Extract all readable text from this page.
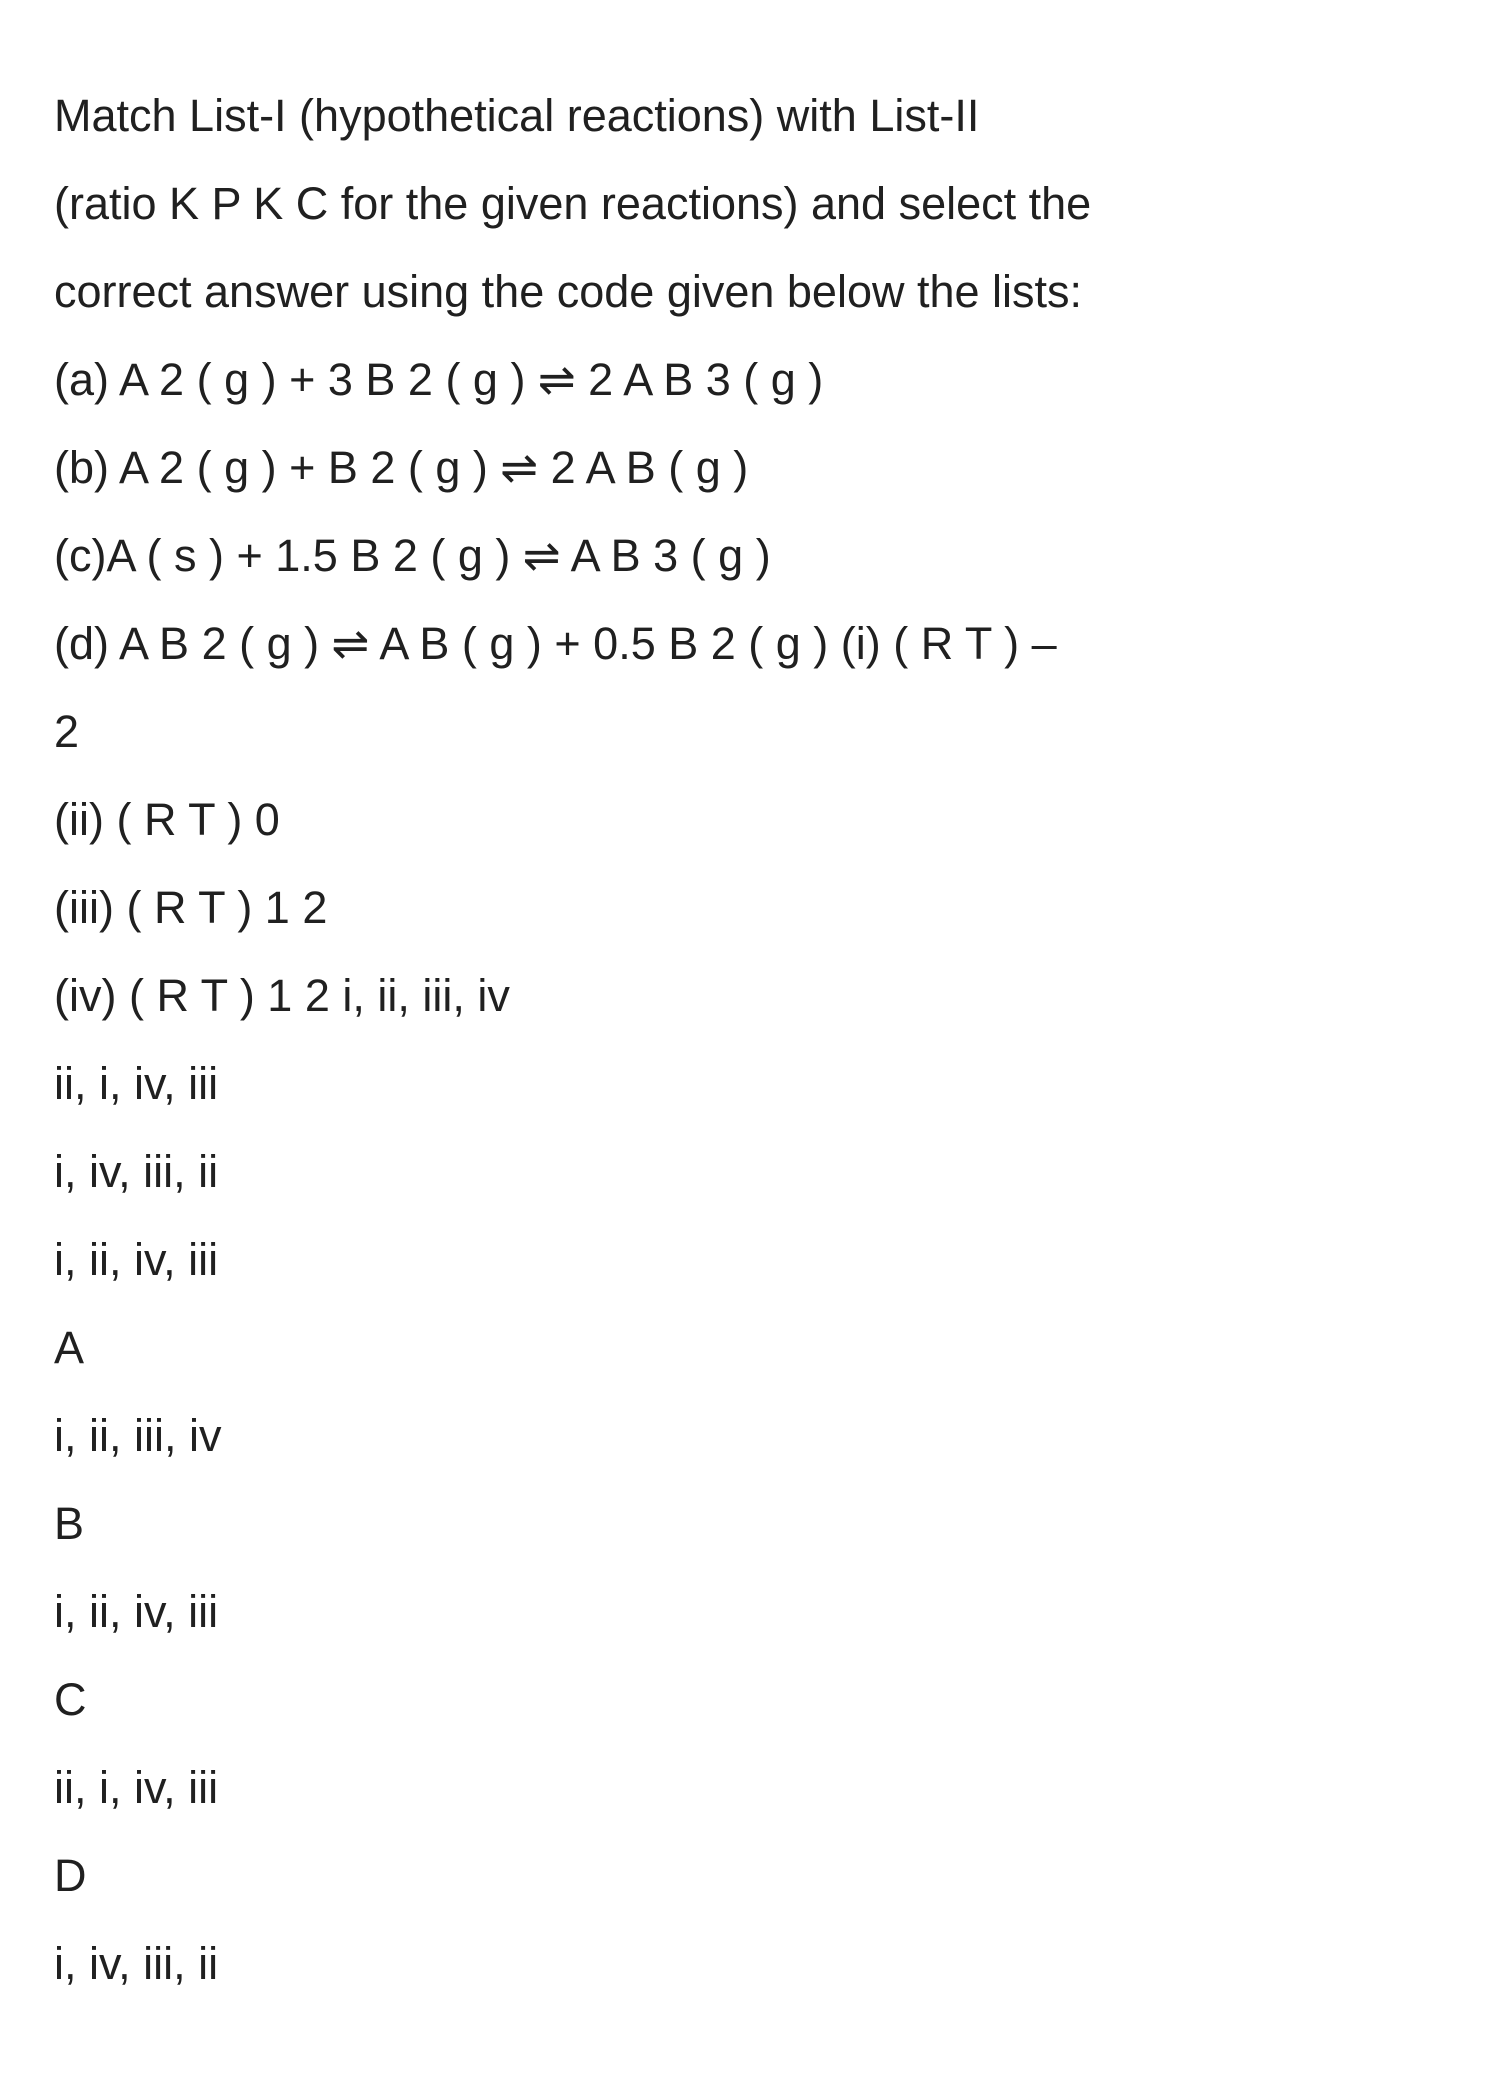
Match List-I (hypothetical reactions) with List-II
(ratio K P K C for the given reactions) and select the
correct answer using the code given below the lists:
(a) A 2 ( g ) + 3 B 2 ( g ) ⇌ 2 A B 3 ( g )
(b) A 2 ( g ) + B 2 ( g ) ⇌ 2 A B ( g )
(c)A ( s ) + 1.5 B 2 ( g ) ⇌ A B 3 ( g )
(d) A B 2 ( g ) ⇌ A B ( g ) + 0.5 B 2 ( g ) (i) ( R T ) –
2
(ii) ( R T ) 0
(iii) ( R T ) 1 2
(iv) ( R T ) 1 2 i, ii, iii, iv
ii, i, iv, iii
i, iv, iii, ii
i, ii, iv, iii
A
i, ii, iii, iv
B
i, ii, iv, iii
C
ii, i, iv, iii
D
i, iv, iii, ii
